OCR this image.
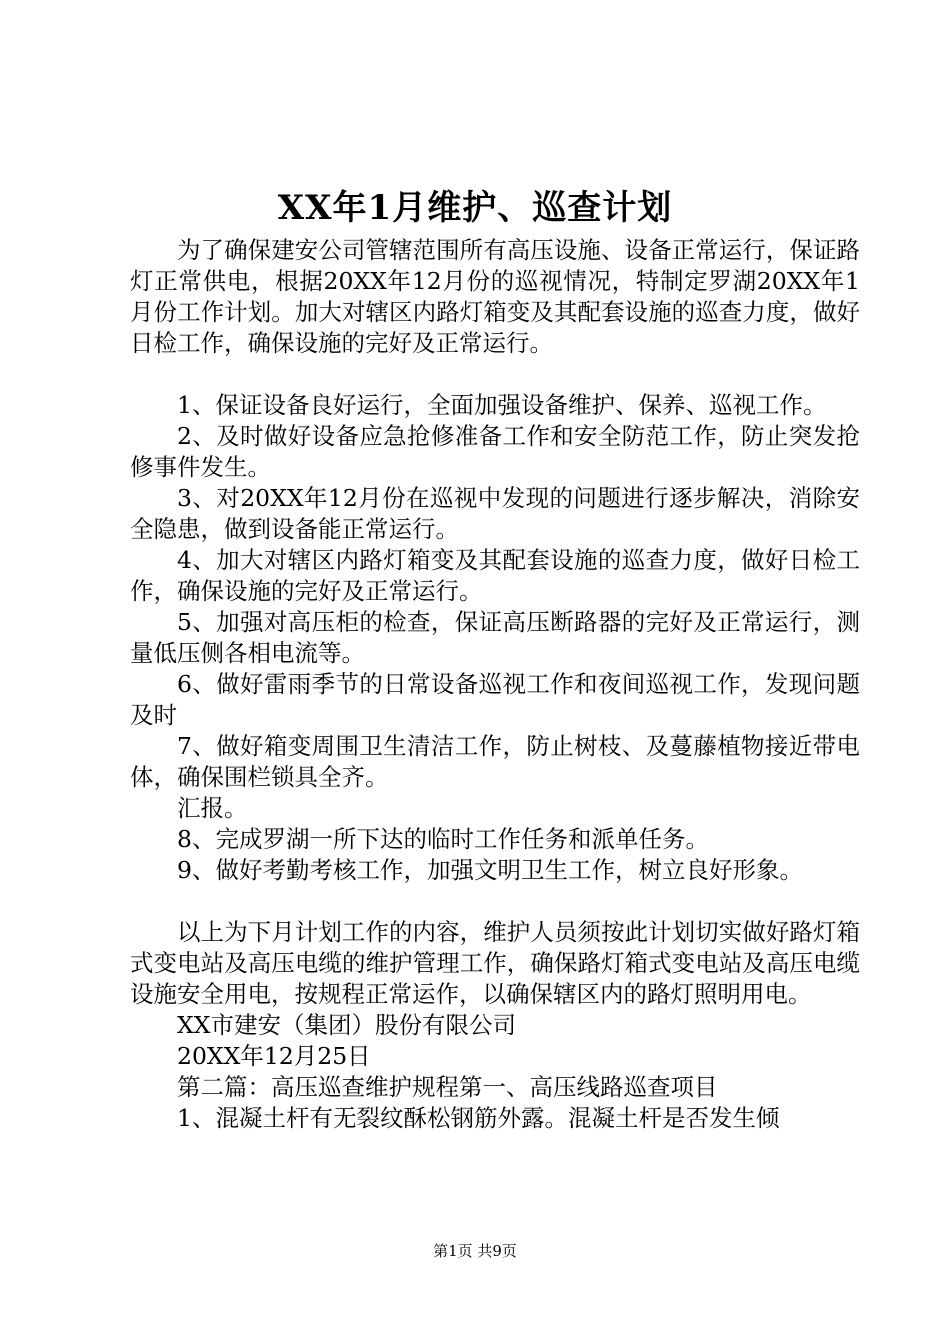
XX年1月维护、巡查计划

为了确保建安公司管辖范围所有高压设施、设备正常运行，保证路灯正常供电，根据20XX年12月份的巡视情况，特制定罗湖20XX年1月份工作计划。加大对辖区内路灯箱变及其配套设施的巡查力度，做好日检工作，确保设施的完好及正常运行。

1、保证设备良好运行，全面加强设备维护、保养、巡视工作。

2、及时做好设备应急抢修准备工作和安全防范工作，防止突发抢修事件发生。

3、对20XX年12月份在巡视中发现的问题进行逐步解决，消除安全隐患，做到设备能正常运行。

4、加大对辖区内路灯箱变及其配套设施的巡查力度，做好日检工作，确保设施的完好及正常运行。

5、加强对高压柜的检查，保证高压断路器的完好及正常运行，测量低压侧各相电流等。

6、做好雷雨季节的日常设备巡视工作和夜间巡视工作，发现问题及时

7、做好箱变周围卫生清洁工作，防止树枝、及蔓藤植物接近带电体，确保围栏锁具全齐。

汇报。

8、完成罗湖一所下达的临时工作任务和派单任务。

9、做好考勤考核工作，加强文明卫生工作，树立良好形象。

以上为下月计划工作的内容，维护人员须按此计划切实做好路灯箱式变电站及高压电缆的维护管理工作，确保路灯箱式变电站及高压电缆设施安全用电，按规程正常运作，以确保辖区内的路灯照明用电。

XX市建安（集团）股份有限公司

20XX年12月25日

第二篇：高压巡查维护规程第一、高压线路巡查项目

1、混凝土杆有无裂纹酥松钢筋外露。混凝土杆是否发生倾

第1页 共9页
